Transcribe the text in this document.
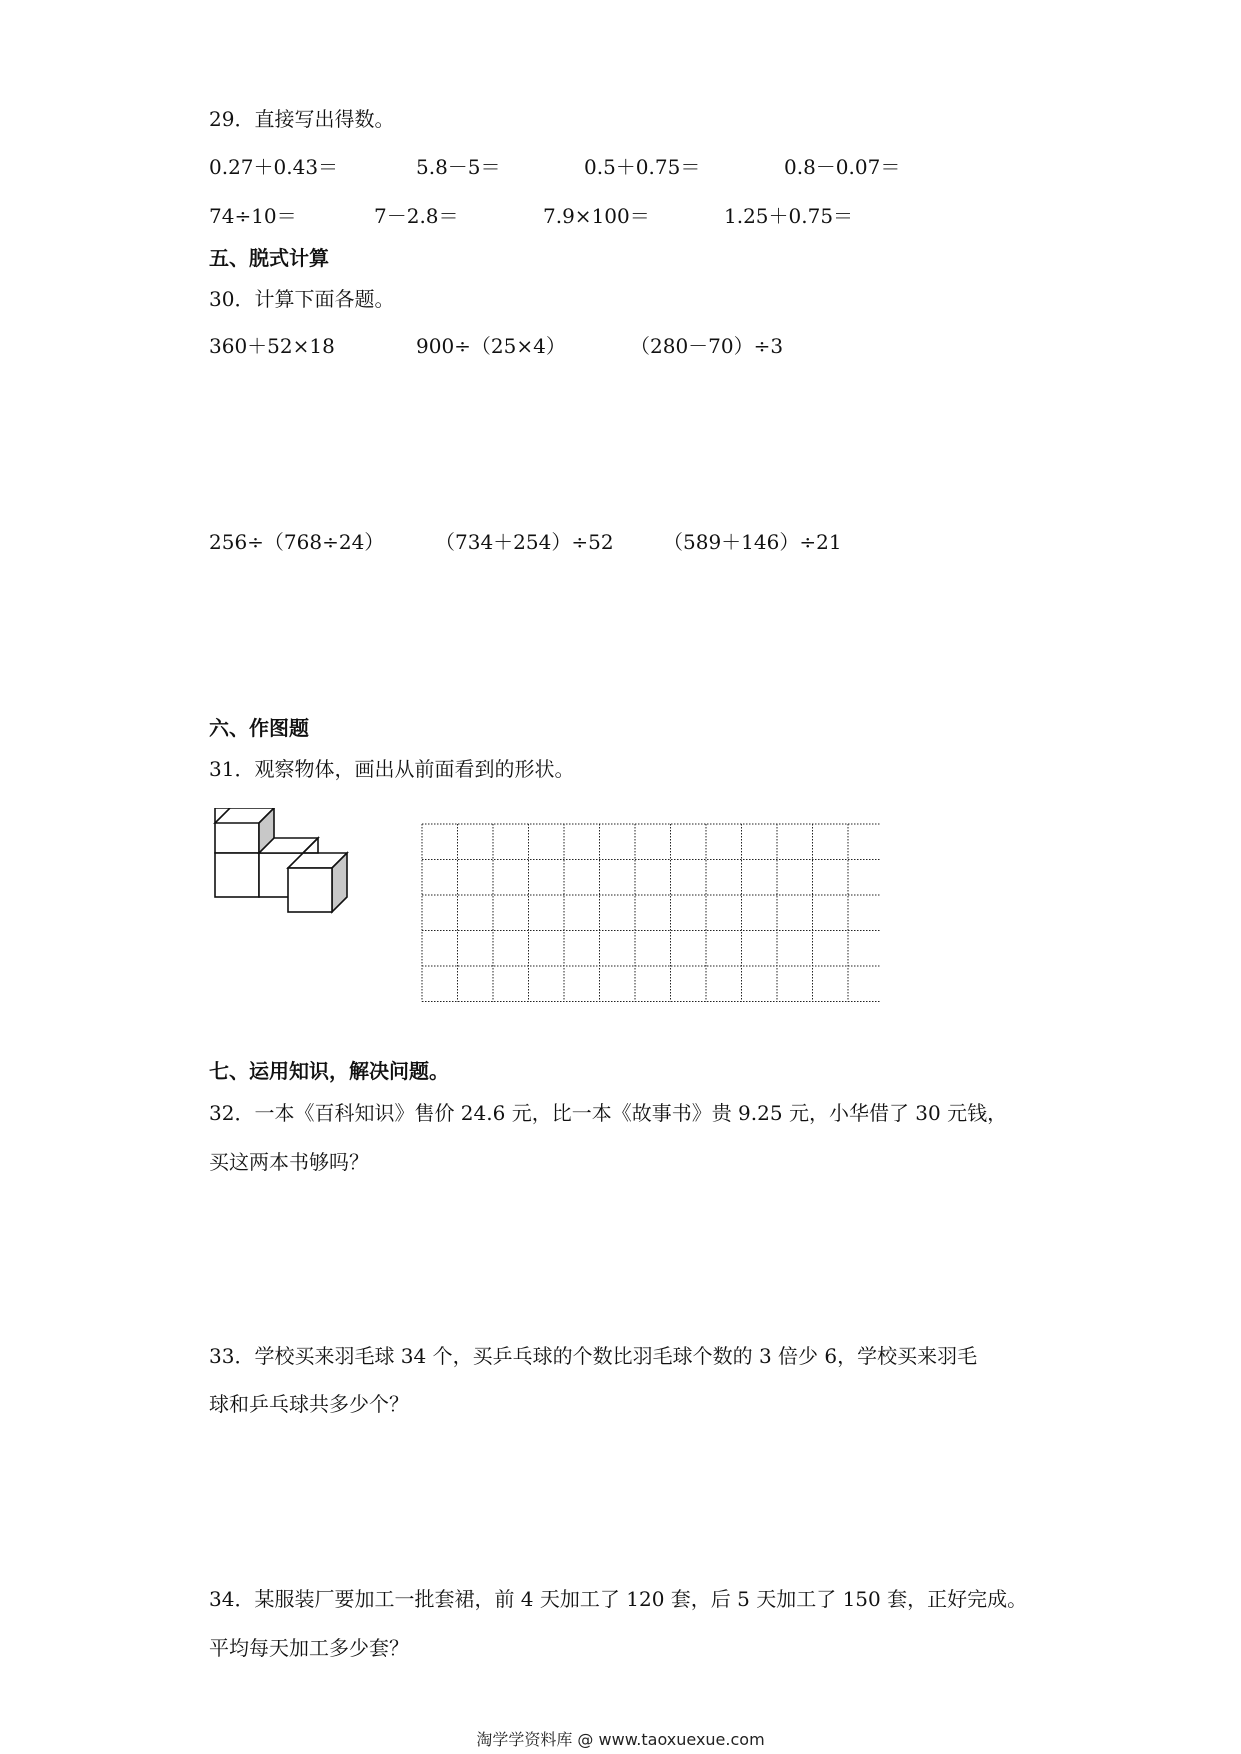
29．直接写出得数。
0.27＋0.43＝	5.8－5＝	0.5＋0.75＝	0.8－0.07＝
74÷10＝	7－2.8＝	7.9×100＝	1.25＋0.75＝
五、脱式计算
30．计算下面各题。
360＋52×18	900÷（25×4）	（280－70）÷3
256÷（768÷24）	（734＋254）÷52 （589＋146）÷21
六、作图题
31．观察物体，画出从前面看到的形状。
七、运用知识，解决问题。
32．一本《百科知识》售价 24.6 元，比一本《故事书》贵 9.25 元，小华借了 30 元钱，
买这两本书够吗？
33．学校买来羽毛球 34 个，买乒乓球的个数比羽毛球个数的 3 倍少 6，学校买来羽毛
球和乒乓球共多少个？
34．某服装厂要加工一批套裙，前 4 天加工了 120 套，后 5 天加工了 150 套，正好完成。
平均每天加工多少套？
淘学学资料库 @ www.taoxuexue.com
